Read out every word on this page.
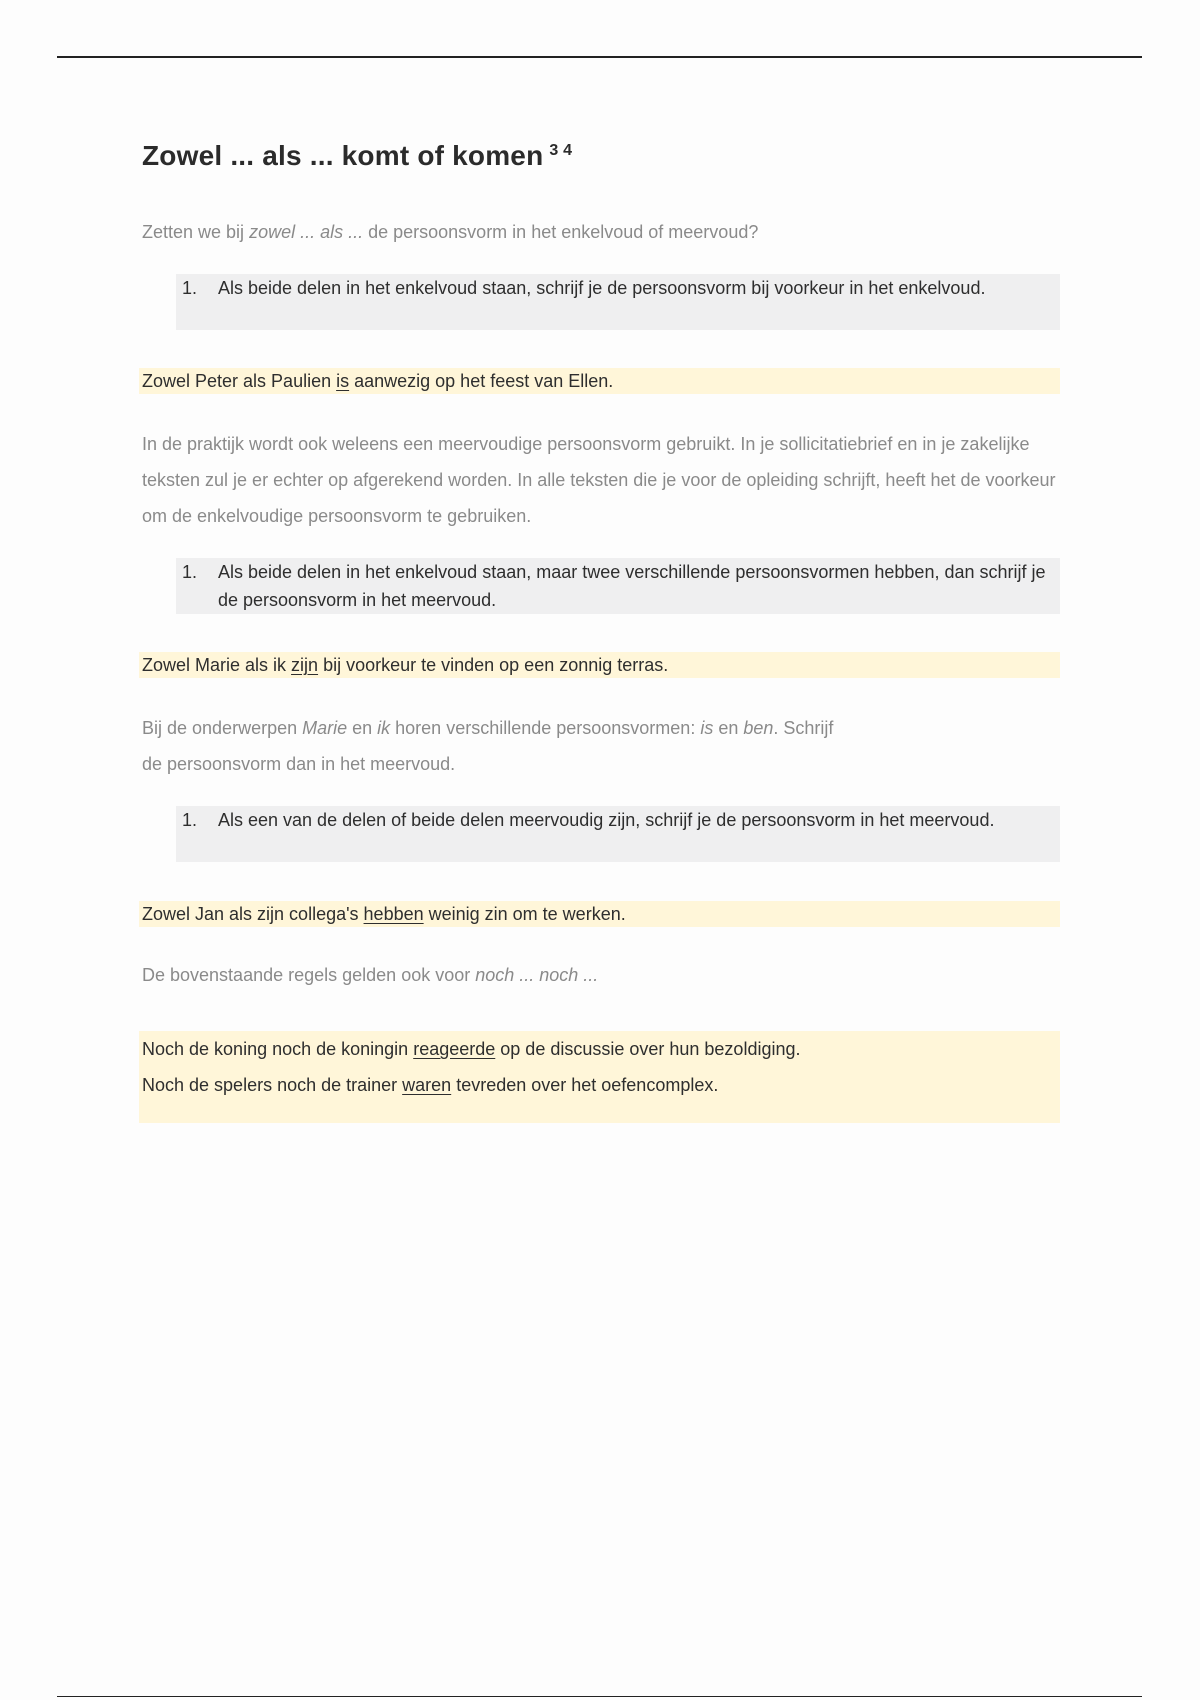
Zowel ... als ... komt of komen $^{3 4}$
Zetten we bij zowel ... als ... de persoonsvorm in het enkelvoud of meervoud?
1. Als beide delen in het enkelvoud staan, schrijf je de persoonsvorm bij voorkeur in het enkelvoud.
Zowel Peter als Paulien is aanwezig op het feest van Ellen.
In de praktijk wordt ook weleens een meervoudige persoonsvorm gebruikt. In je sollicitatiebrief en in je zakelijke teksten zul je er echter op afgerekend worden. In alle teksten die je voor de opleiding schrijft, heeft het de voorkeur om de enkelvoudige persoonsvorm te gebruiken.
1. Als beide delen in het enkelvoud staan, maar twee verschillende persoonsvormen hebben, dan schrijf je de persoonsvorm in het meervoud.
Zowel Marie als ik zijn bij voorkeur te vinden op een zonnig terras.
Bij de onderwerpen Marie en ik horen verschillende persoonsvormen: is en ben. Schrijf
de persoonsvorm dan in het meervoud.
1. Als een van de delen of beide delen meervoudig zijn, schrijf je de persoonsvorm in het meervoud.
Zowel Jan als zijn collega's hebben weinig zin om te werken.
De bovenstaande regels gelden ook voor noch ... noch ...
Noch de koning noch de koningin reageerde op de discussie over hun bezoldiging.
Noch de spelers noch de trainer waren tevreden over het oefencomplex.
